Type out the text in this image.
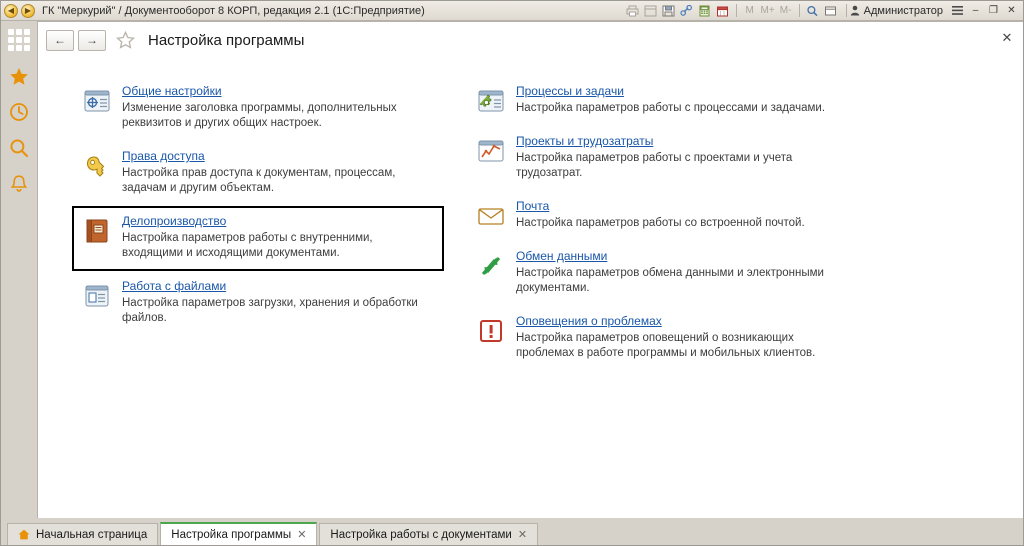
◀	▶ ГК "Меркурий" / Документооборот 8 КОРП, редакция 2.1 (1С:Предприятие)	M M+ M-	Администратор	–	❐ ✕
←	→	Настройка программы	✕
Общие настройки
Изменение заголовка программы, дополнительных реквизитов и других общих настроек.
Права доступа
Настройка прав доступа к документам, процессам, задачам и другим объектам.
Делопроизводство
Настройка параметров работы с внутренними, входящими и исходящими документами.
Работа с файлами
Настройка параметров загрузки, хранения и обработки файлов.
Процессы и задачи
Настройка параметров работы с процессами и задачами.
Проекты и трудозатраты
Настройка параметров работы с проектами и учета трудозатрат.
Почта
Настройка параметров работы со встроенной почтой.
Обмен данными
Настройка параметров обмена данными и электронными документами.
Оповещения о проблемах
Настройка параметров оповещений о возникающих проблемах в работе программы и мобильных клиентов.
Начальная страница Настройка программы ✕ Настройка работы с документами ✕
